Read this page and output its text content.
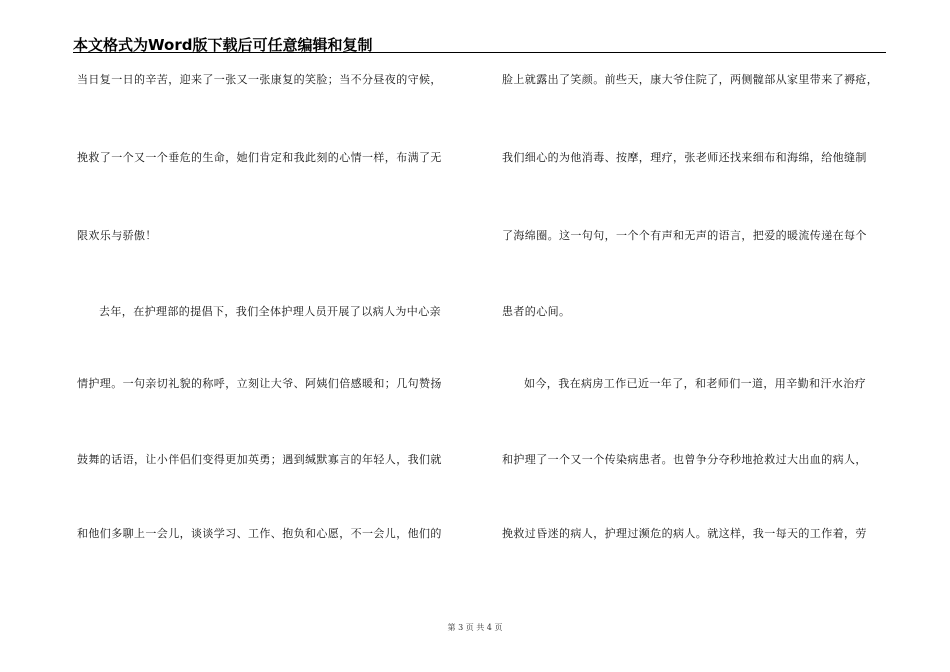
本文格式为Word版下载后可任意编辑和复制
当日复一日的辛苦，迎来了一张又一张康复的笑脸；当不分昼夜的守候，
挽救了一个又一个垂危的生命，她们肯定和我此刻的心情一样，布满了无
限欢乐与骄傲！
去年，在护理部的提倡下，我们全体护理人员开展了以病人为中心亲
情护理。一句亲切礼貌的称呼，立刻让大爷、阿姨们倍感暖和；几句赞扬
鼓舞的话语，让小伴侣们变得更加英勇；遇到缄默寡言的年轻人，我们就
和他们多聊上一会儿，谈谈学习、工作、抱负和心愿，不一会儿，他们的
脸上就露出了笑颜。前些天，康大爷住院了，两侧髋部从家里带来了褥疮，
我们细心的为他消毒、按摩，理疗，张老师还找来细布和海绵，给他缝制
了海绵圈。这一句句，一个个有声和无声的语言，把爱的暖流传递在每个
患者的心间。
如今，我在病房工作已近一年了，和老师们一道，用辛勤和汗水治疗
和护理了一个又一个传染病患者。也曾争分夺秒地抢救过大出血的病人，
挽救过昏迷的病人，护理过濒危的病人。就这样，我一每天的工作着，劳
第 3 页 共 4 页
